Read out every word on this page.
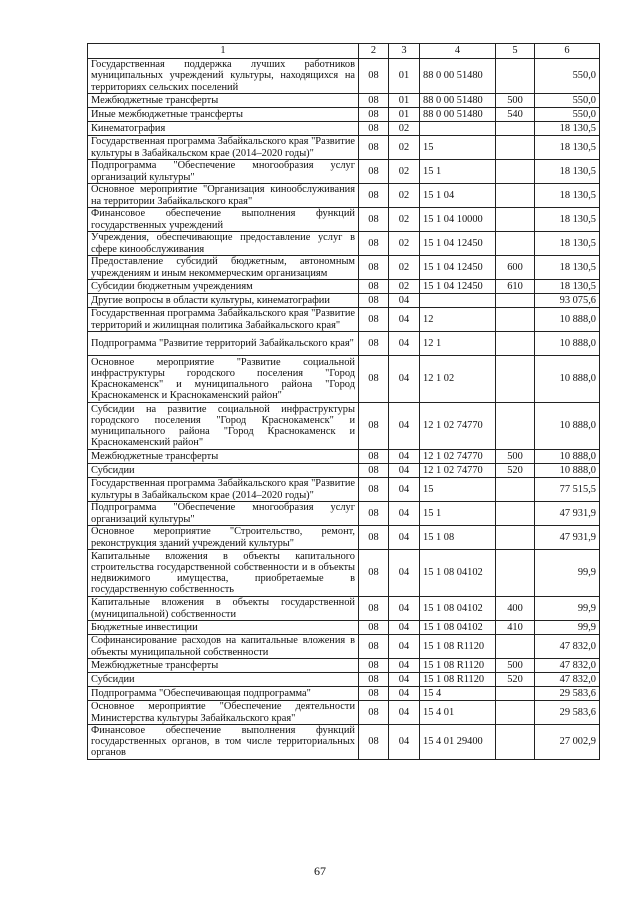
1	2	3	4	5	6
Государственная поддержка лучших работников муниципальных учреждений культуры, находящихся на территориях сельских поселений	08	01	88 0 00 51480		550,0
Межбюджетные трансферты	08	01	88 0 00 51480	500	550,0
Иные межбюджетные трансферты	08	01	88 0 00 51480	540	550,0
Кинематография	08	02			18 130,5
Государственная программа Забайкальского края "Развитие культуры в Забайкальском крае (2014–2020 годы)"	08	02	15		18 130,5
Подпрограмма "Обеспечение многообразия услуг организаций культуры"	08	02	15 1		18 130,5
Основное мероприятие "Организация кинообслуживания на территории Забайкальского края"	08	02	15 1 04		18 130,5
Финансовое обеспечение выполнения функций государственных учреждений	08	02	15 1 04 10000		18 130,5
Учреждения, обеспечивающие предоставление услуг в сфере кинообслуживания	08	02	15 1 04 12450		18 130,5
Предоставление субсидий бюджетным, автономным учреждениям и иным некоммерческим организациям	08	02	15 1 04 12450	600	18 130,5
Субсидии бюджетным учреждениям	08	02	15 1 04 12450	610	18 130,5
Другие вопросы в области культуры, кинематографии	08	04			93 075,6
Государственная программа Забайкальского края "Развитие территорий и жилищная политика Забайкальского края"	08	04	12		10 888,0
Подпрограмма "Развитие территорий Забайкальского края"	08	04	12 1		10 888,0
Основное мероприятие "Развитие социальной инфраструктуры городского поселения "Город Краснокаменск" и муниципального района "Город Краснокаменск и Краснокаменский район"	08	04	12 1 02		10 888,0
Субсидии на развитие социальной инфраструктуры городского поселения "Город Краснокаменск" и муниципального района "Город Краснокаменск и Краснокаменский район"	08	04	12 1 02 74770		10 888,0
Межбюджетные трансферты	08	04	12 1 02 74770	500	10 888,0
Субсидии	08	04	12 1 02 74770	520	10 888,0
Государственная программа Забайкальского края "Развитие культуры в Забайкальском крае (2014–2020 годы)"	08	04	15		77 515,5
Подпрограмма "Обеспечение многообразия услуг организаций культуры"	08	04	15 1		47 931,9
Основное мероприятие "Строительство, ремонт, реконструкция зданий учреждений культуры"	08	04	15 1 08		47 931,9
Капитальные вложения в объекты капитального строительства государственной собственности и в объекты недвижимого имущества, приобретаемые в государственную собственность	08	04	15 1 08 04102		99,9
Капитальные вложения в объекты государственной (муниципальной) собственности	08	04	15 1 08 04102	400	99,9
Бюджетные инвестиции	08	04	15 1 08 04102	410	99,9
Софинансирование расходов на капитальные вложения в объекты муниципальной собственности	08	04	15 1 08 R1120		47 832,0
Межбюджетные трансферты	08	04	15 1 08 R1120	500	47 832,0
Субсидии	08	04	15 1 08 R1120	520	47 832,0
Подпрограмма "Обеспечивающая подпрограмма"	08	04	15 4		29 583,6
Основное мероприятие "Обеспечение деятельности Министерства культуры Забайкальского края"	08	04	15 4 01		29 583,6
Финансовое обеспечение выполнения функций государственных органов, в том числе территориальных органов	08	04	15 4 01 29400		27 002,9
67
